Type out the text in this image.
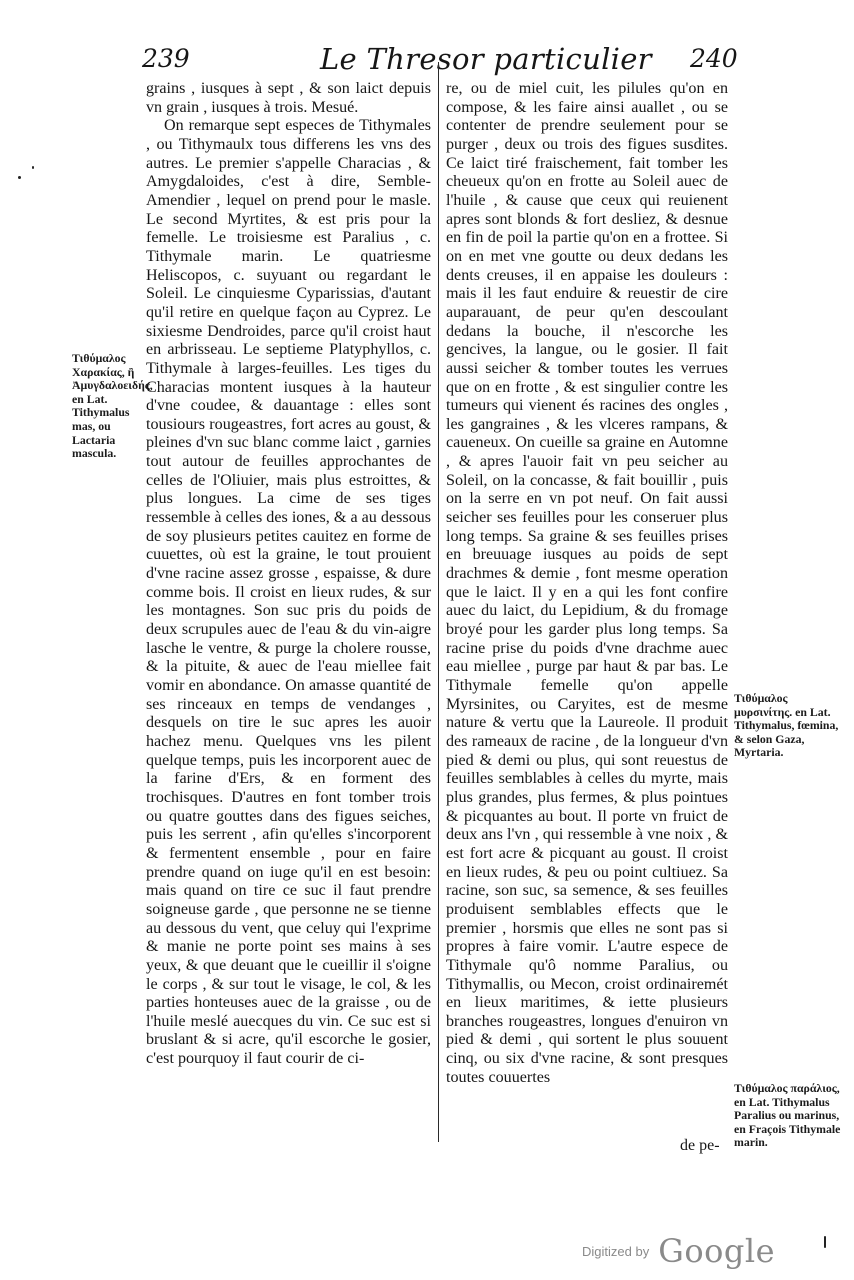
239	Le Thresor particulier 240

grains , iusques à sept , & son laict depuis vn grain , iusques à trois. Mesué.

On remarque sept especes de Tithymales , ou Tithymaulx tous differens les vns des autres. Le premier s'appelle Characias , & Amygdaloides, c'est à dire, Semble-Amendier , lequel on prend pour le masle. Le second Myrtites, & est pris pour la femelle. Le troisiesme est Paralius , c. Tithymale marin. Le quatriesme Heliscopos, c. suyuant ou regardant le Soleil. Le cinquiesme Cyparissias, d'autant qu'il retire en quelque façon au Cyprez. Le sixiesme Dendroides, parce qu'il croist haut en arbrisseau. Le septieme Platyphyllos, c. Tithymale à larges-feuilles. Les tiges du Characias montent iusques à la hauteur d'vne coudee, & dauantage : elles sont tousiours rougeastres, fort acres au goust, & pleines d'vn suc blanc comme laict , garnies tout autour de feuilles approchantes de celles de l'Oliuier, mais plus estroittes, & plus longues. La cime de ses tiges ressemble à celles des iones, & a au dessous de soy plusieurs petites cauitez en forme de cuuettes, où est la graine, le tout prouient d'vne racine assez grosse , espaisse, & dure comme bois. Il croist en lieux rudes, & sur les montagnes. Son suc pris du poids de deux scrupules auec de l'eau & du vin-aigre lasche le ventre, & purge la cholere rousse, & la pituite, & auec de l'eau miellee fait vomir en abondance. On amasse quantité de ses rinceaux en temps de vendanges , desquels on tire le suc apres les auoir hachez menu. Quelques vns les pilent quelque temps, puis les incorporent auec de la farine d'Ers, & en forment des trochisques. D'autres en font tomber trois ou quatre gouttes dans des figues seiches, puis les serrent , afin qu'elles s'incorporent & fermentent ensemble , pour en faire prendre quand on iuge qu'il en est besoin: mais quand on tire ce suc il faut prendre soigneuse garde , que personne ne se tienne au dessous du vent, que celuy qui l'exprime & manie ne porte point ses mains à ses yeux, & que deuant que le cueillir il s'oigne le corps , & sur tout le visage, le col, & les parties honteuses auec de la graisse , ou de l'huile meslé auecques du vin. Ce suc est si bruslant & si acre, qu'il escorche le gosier, c'est pourquoy il faut courir de ci-

re, ou de miel cuit, les pilules qu'on en compose, & les faire ainsi auallet , ou se contenter de prendre seulement pour se purger , deux ou trois des figues susdites. Ce laict tiré fraischement, fait tomber les cheueux qu'on en frotte au Soleil auec de l'huile , & cause que ceux qui reuienent apres sont blonds & fort desliez, & desnue en fin de poil la partie qu'on en a frottee. Si on en met vne goutte ou deux dedans les dents creuses, il en appaise les douleurs : mais il les faut enduire & reuestir de cire auparauant, de peur qu'en descoulant dedans la bouche, il n'escorche les gencives, la langue, ou le gosier. Il fait aussi seicher & tomber toutes les verrues que on en frotte , & est singulier contre les tumeurs qui vienent és racines des ongles , les gangraines , & les vlceres rampans, & caueneux. On cueille sa graine en Automne , & apres l'auoir fait vn peu seicher au Soleil, on la concasse, & fait bouillir , puis on la serre en vn pot neuf. On fait aussi seicher ses feuilles pour les conseruer plus long temps. Sa graine & ses feuilles prises en breuuage iusques au poids de sept drachmes & demie , font mesme operation que le laict. Il y en a qui les font confire auec du laict, du Lepidium, & du fromage broyé pour les garder plus long temps. Sa racine prise du poids d'vne drachme auec eau miellee , purge par haut & par bas. Le Tithymale femelle qu'on appelle Myrsinites, ou Caryites, est de mesme nature & vertu que la Laureole. Il produit des rameaux de racine , de la longueur d'vn pied & demi ou plus, qui sont reuestus de feuilles semblables à celles du myrte, mais plus grandes, plus fermes, & plus pointues & picquantes au bout. Il porte vn fruict de deux ans l'vn , qui ressemble à vne noix , & est fort acre & picquant au goust. Il croist en lieux rudes, & peu ou point cultiuez. Sa racine, son suc, sa semence, & ses feuilles produisent semblables effects que le premier , horsmis que elles ne sont pas si propres à faire vomir. L'autre espece de Tithymale qu'ô nomme Paralius, ou Tithymallis, ou Mecon, croist ordinairemét en lieux maritimes, & iette plusieurs branches rougeastres, longues d'enuiron vn pied & demi , qui sortent le plus souuent cinq, ou six d'vne racine, & sont presques toutes couuertes

Τιθύμαλος Χαρακίας, ἢ Ἀμυγδαλοειδής, en Lat. Tithymalus mas, ou Lactaria mascula.
Τιθύμαλος μυρσινίτης. en Lat. Tithymalus, fœmina, & selon Gaza, Myrtaria.
Τιθύμαλος παράλιος, en Lat. Tithymalus Paralius ou marinus, en Fraçois Tithymale marin.
de pe-
$^{Digitized by}$ Google
